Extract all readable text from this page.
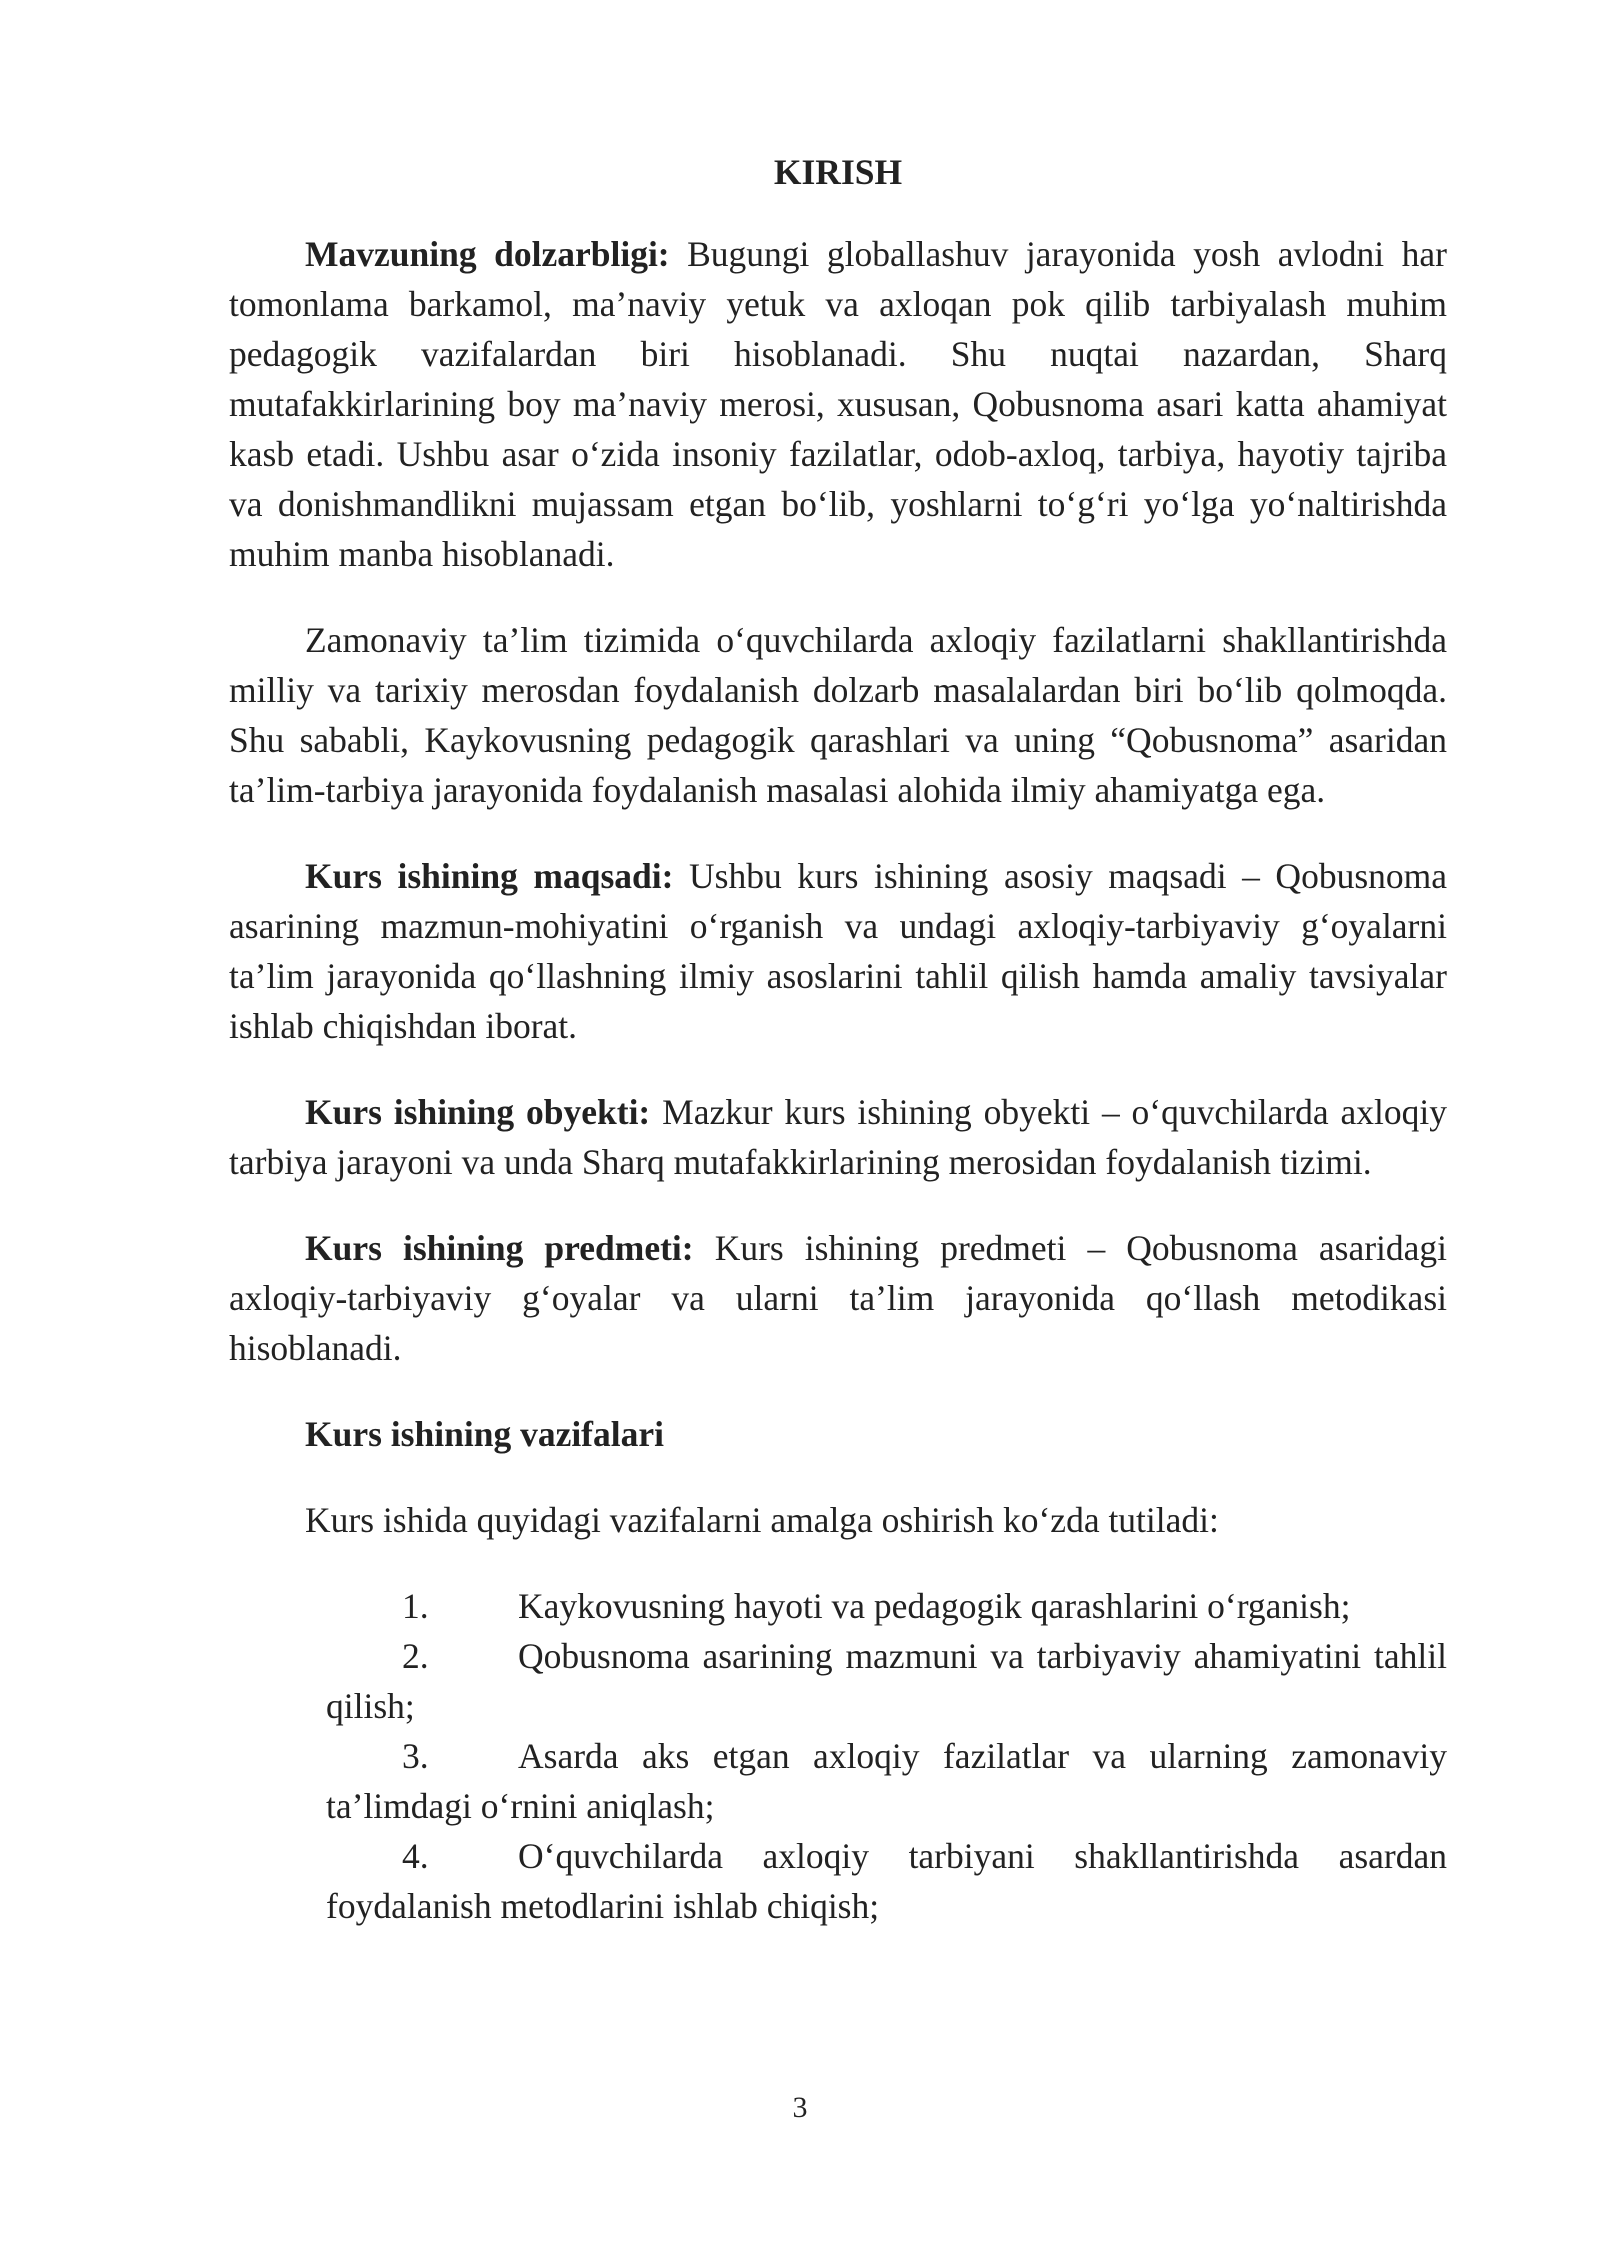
KIRISH

Mavzuning dolzarbligi: Bugungi globallashuv jarayonida yosh avlodni har tomonlama barkamol, ma’naviy yetuk va axloqan pok qilib tarbiyalash muhim pedagogik vazifalardan biri hisoblanadi. Shu nuqtai nazardan, Sharq mutafakkirlarining boy ma’naviy merosi, xususan, Qobusnoma asari katta ahamiyat kasb etadi. Ushbu asar o‘zida insoniy fazilatlar, odob-axloq, tarbiya, hayotiy tajriba va donishmandlikni mujassam etgan bo‘lib, yoshlarni to‘g‘ri yo‘lga yo‘naltirishda muhim manba hisoblanadi.

Zamonaviy ta’lim tizimida o‘quvchilarda axloqiy fazilatlarni shakllantirishda milliy va tarixiy merosdan foydalanish dolzarb masalalardan biri bo‘lib qolmoqda. Shu sababli, Kaykovusning pedagogik qarashlari va uning “Qobusnoma” asaridan ta’lim-tarbiya jarayonida foydalanish masalasi alohida ilmiy ahamiyatga ega.

Kurs ishining maqsadi: Ushbu kurs ishining asosiy maqsadi – Qobusnoma asarining mazmun-mohiyatini o‘rganish va undagi axloqiy-tarbiyaviy g‘oyalarni ta’lim jarayonida qo‘llashning ilmiy asoslarini tahlil qilish hamda amaliy tavsiyalar ishlab chiqishdan iborat.

Kurs ishining obyekti: Mazkur kurs ishining obyekti – o‘quvchilarda axloqiy tarbiya jarayoni va unda Sharq mutafakkirlarining merosidan foydalanish tizimi.

Kurs ishining predmeti: Kurs ishining predmeti – Qobusnoma asaridagi axloqiy-tarbiyaviy g‘oyalar va ularni ta’lim jarayonida qo‘llash metodikasi hisoblanadi.

Kurs ishining vazifalari

Kurs ishida quyidagi vazifalarni amalga oshirish ko‘zda tutiladi:

1.	Kaykovusning hayoti va pedagogik qarashlarini o‘rganish;
2.	Qobusnoma asarining mazmuni va tarbiyaviy ahamiyatini tahlil qilish;
3.	Asarda aks etgan axloqiy fazilatlar va ularning zamonaviy ta’limdagi o‘rnini aniqlash;
4.	O‘quvchilarda axloqiy tarbiyani shakllantirishda asardan foydalanish metodlarini ishlab chiqish;
3
